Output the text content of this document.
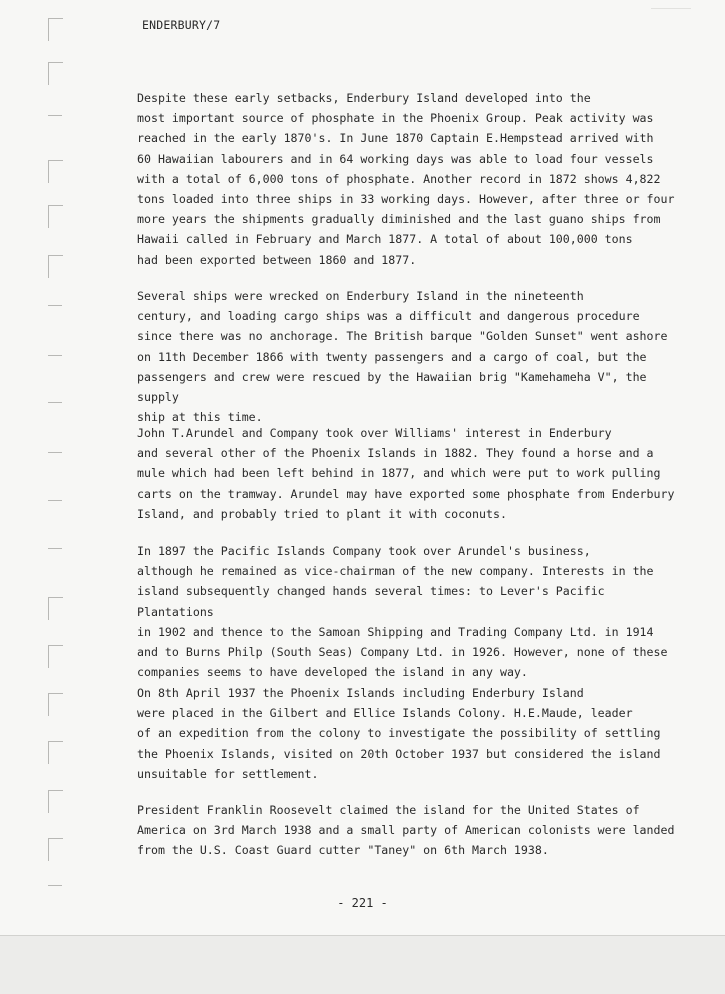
ENDERBURY/7

Despite these early setbacks, Enderbury Island developed into the
most important source of phosphate in the Phoenix Group. Peak activity was
reached in the early 1870's. In June 1870 Captain E.Hempstead arrived with
60 Hawaiian labourers and in 64 working days was able to load four vessels
with a total of 6,000 tons of phosphate. Another record in 1872 shows 4,822
tons loaded into three ships in 33 working days. However, after three or four
more years the shipments gradually diminished and the last guano ships from
Hawaii called in February and March 1877. A total of about 100,000 tons
had been exported between 1860 and 1877.

Several ships were wrecked on Enderbury Island in the nineteenth
century, and loading cargo ships was a difficult and dangerous procedure
since there was no anchorage. The British barque "Golden Sunset" went ashore
on 11th December 1866 with twenty passengers and a cargo of coal, but the
passengers and crew were rescued by the Hawaiian brig "Kamehameha V", the supply
ship at this time.

John T.Arundel and Company took over Williams' interest in Enderbury
and several other of the Phoenix Islands in 1882. They found a horse and a
mule which had been left behind in 1877, and which were put to work pulling
carts on the tramway. Arundel may have exported some phosphate from Enderbury
Island, and probably tried to plant it with coconuts.

In 1897 the Pacific Islands Company took over Arundel's business,
although he remained as vice-chairman of the new company. Interests in the
island subsequently changed hands several times: to Lever's Pacific Plantations
in 1902 and thence to the Samoan Shipping and Trading Company Ltd. in 1914
and to Burns Philp (South Seas) Company Ltd. in 1926. However, none of these
companies seems to have developed the island in any way.

On 8th April 1937 the Phoenix Islands including Enderbury Island
were placed in the Gilbert and Ellice Islands Colony. H.E.Maude, leader
of an expedition from the colony to investigate the possibility of settling
the Phoenix Islands, visited on 20th October 1937 but considered the island
unsuitable for settlement.

President Franklin Roosevelt claimed the island for the United States of
America on 3rd March 1938 and a small party of American colonists were landed
from the U.S. Coast Guard cutter "Taney" on 6th March 1938.

- 221 -
